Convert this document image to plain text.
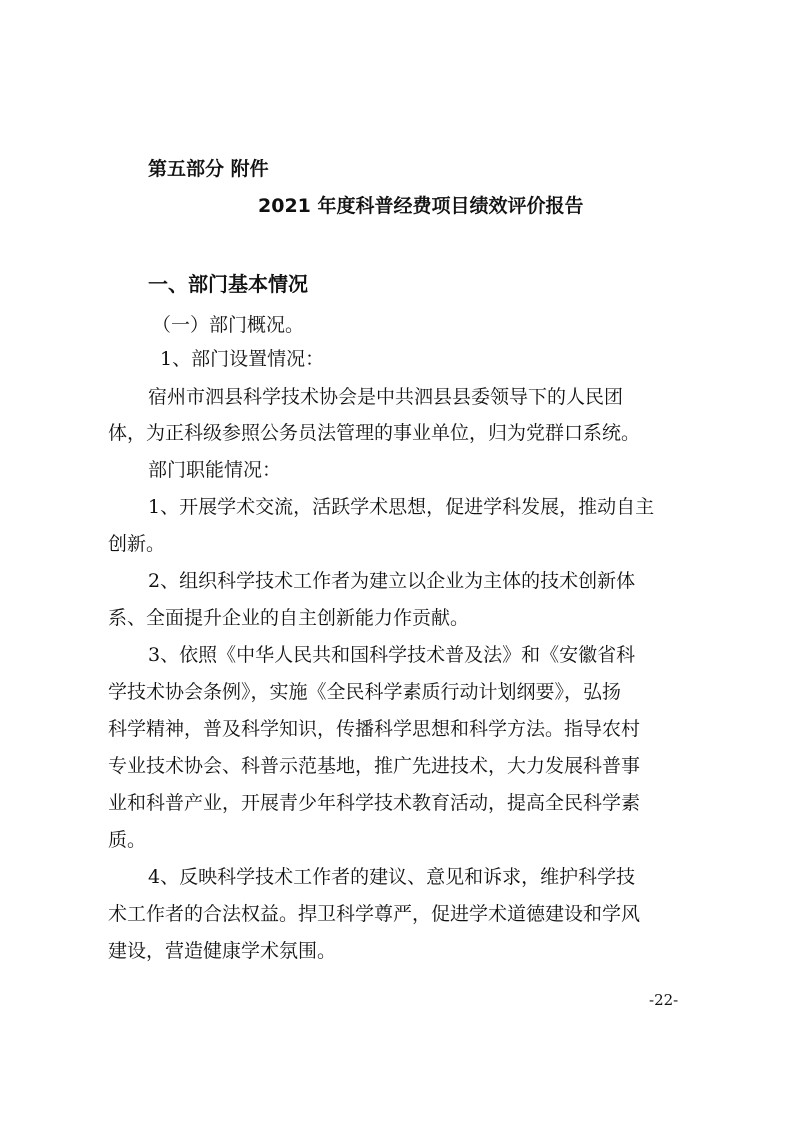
第五部分 附件
2021 年度科普经费项目绩效评价报告
一、部门基本情况
（一）部门概况。
1、部门设置情况：
宿州市泗县科学技术协会是中共泗县县委领导下的人民团
体，为正科级参照公务员法管理的事业单位，归为党群口系统。
部门职能情况：
1、开展学术交流，活跃学术思想，促进学科发展，推动自主
创新。
2、组织科学技术工作者为建立以企业为主体的技术创新体
系、全面提升企业的自主创新能力作贡献。
3、依照《中华人民共和国科学技术普及法》和《安徽省科
学技术协会条例》，实施《全民科学素质行动计划纲要》，弘扬
科学精神，普及科学知识，传播科学思想和科学方法。指导农村
专业技术协会、科普示范基地，推广先进技术，大力发展科普事
业和科普产业，开展青少年科学技术教育活动，提高全民科学素
质。
4、反映科学技术工作者的建议、意见和诉求，维护科学技
术工作者的合法权益。捍卫科学尊严，促进学术道德建设和学风
建设，营造健康学术氛围。
-22-
